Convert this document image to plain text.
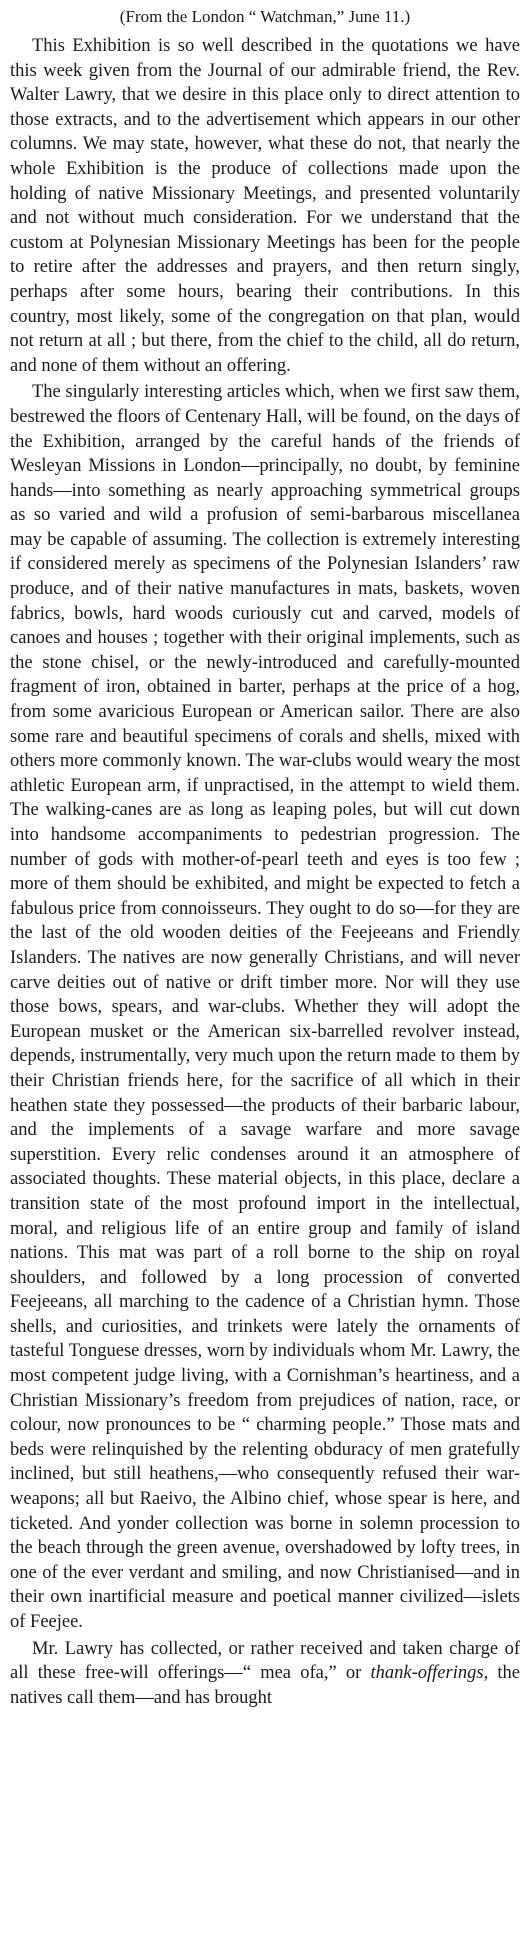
(From the London “ Watchman,” June 11.)

This Exhibition is so well described in the quotations we have this week given from the Journal of our admirable friend, the Rev. Walter Lawry, that we desire in this place only to direct attention to those extracts, and to the advertisement which appears in our other columns. We may state, however, what these do not, that nearly the whole Exhibition is the produce of collections made upon the holding of native Missionary Meetings, and presented voluntarily and not without much consideration. For we understand that the custom at Polynesian Missionary Meetings has been for the people to retire after the addresses and prayers, and then return singly, perhaps after some hours, bearing their contributions. In this country, most likely, some of the congregation on that plan, would not return at all ; but there, from the chief to the child, all do return, and none of them without an offering.

The singularly interesting articles which, when we first saw them, bestrewed the floors of Centenary Hall, will be found, on the days of the Exhibition, arranged by the careful hands of the friends of Wesleyan Missions in London—principally, no doubt, by feminine hands—into something as nearly approaching symmetrical groups as so varied and wild a profusion of semi-barbarous miscellanea may be capable of assuming. The collection is extremely interesting if considered merely as specimens of the Polynesian Islanders’ raw produce, and of their native manufactures in mats, baskets, woven fabrics, bowls, hard woods curiously cut and carved, models of canoes and houses ; together with their original implements, such as the stone chisel, or the newly-introduced and carefully-mounted fragment of iron, obtained in barter, perhaps at the price of a hog, from some avaricious European or American sailor. There are also some rare and beautiful specimens of corals and shells, mixed with others more commonly known. The war-clubs would weary the most athletic European arm, if unpractised, in the attempt to wield them. The walking-canes are as long as leaping poles, but will cut down into handsome accompaniments to pedestrian progression. The number of gods with mother-of-pearl teeth and eyes is too few ; more of them should be exhibited, and might be expected to fetch a fabulous price from connoisseurs. They ought to do so—for they are the last of the old wooden deities of the Feejeeans and Friendly Islanders. The natives are now generally Christians, and will never carve deities out of native or drift timber more. Nor will they use those bows, spears, and war-clubs. Whether they will adopt the European musket or the American six-barrelled revolver instead, depends, instrumentally, very much upon the return made to them by their Christian friends here, for the sacrifice of all which in their heathen state they possessed—the products of their barbaric labour, and the implements of a savage warfare and more savage superstition. Every relic condenses around it an atmosphere of associated thoughts. These material objects, in this place, declare a transition state of the most profound import in the intellectual, moral, and religious life of an entire group and family of island nations. This mat was part of a roll borne to the ship on royal shoulders, and followed by a long procession of converted Feejeeans, all marching to the cadence of a Christian hymn. Those shells, and curiosities, and trinkets were lately the ornaments of tasteful Tonguese dresses, worn by individuals whom Mr. Lawry, the most competent judge living, with a Cornishman’s heartiness, and a Christian Missionary’s freedom from prejudices of nation, race, or colour, now pronounces to be “ charming people.” Those mats and beds were relinquished by the relenting obduracy of men gratefully inclined, but still heathens,—who consequently refused their war-weapons; all but Raeivo, the Albino chief, whose spear is here, and ticketed. And yonder collection was borne in solemn procession to the beach through the green avenue, overshadowed by lofty trees, in one of the ever verdant and smiling, and now Christianised—and in their own inartificial measure and poetical manner civilized—islets of Feejee.

Mr. Lawry has collected, or rather received and taken charge of all these free-will offerings—“ mea ofa,” or thank-offerings, the natives call them—and has brought
